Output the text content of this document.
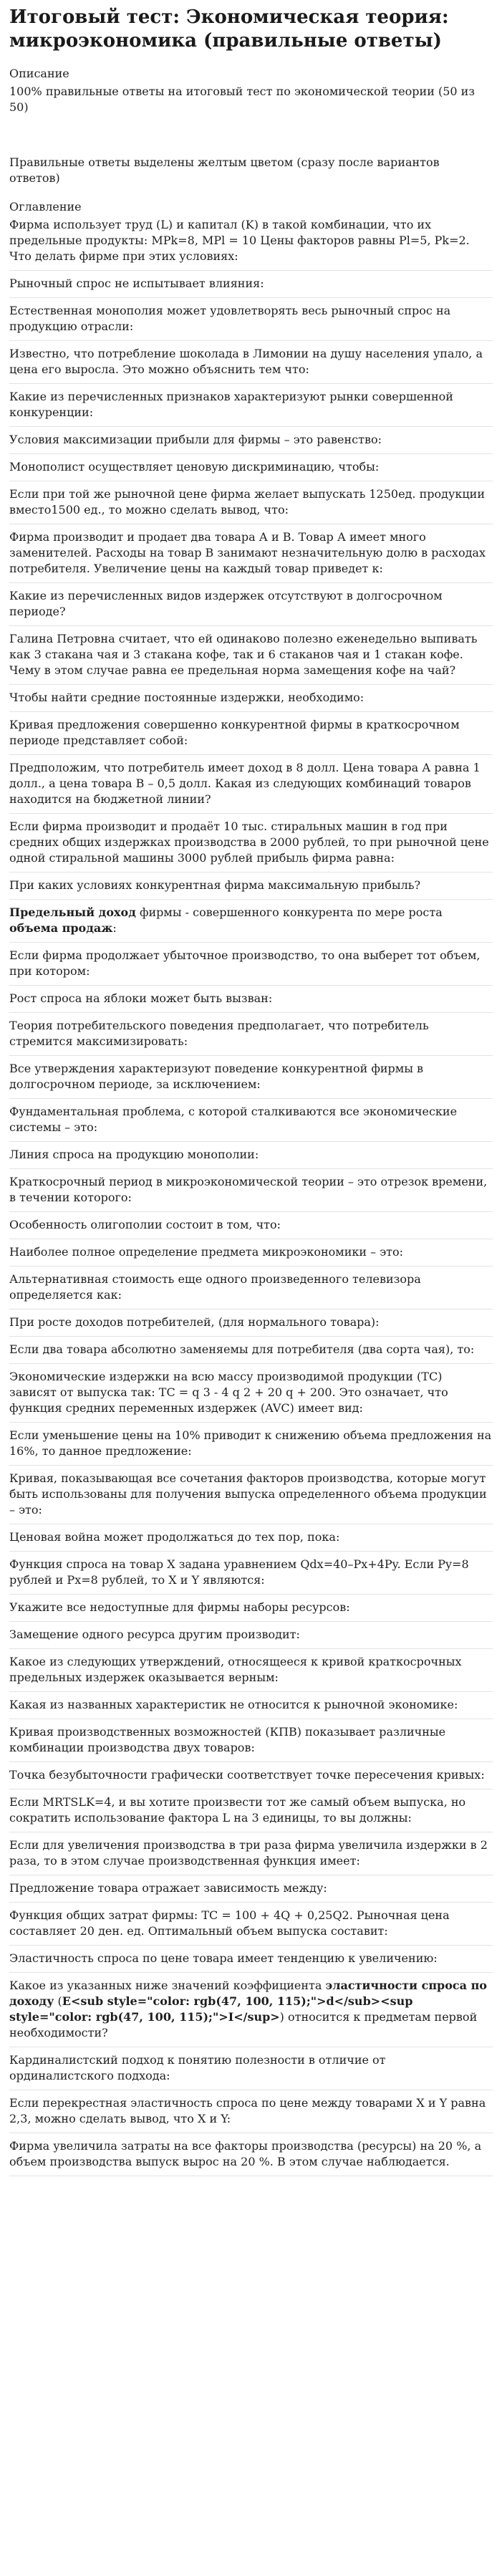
Итоговый тест: Экономическая теория: микроэкономика (правильные ответы)
Описание

100% правильные ответы на итоговый тест по экономической теории (50 из 50)

Правильные ответы выделены желтым цветом (сразу после вариантов ответов)

Оглавление

Фирма использует труд (L) и капитал (K) в такой комбинации, что их предельные продукты: MPk=8, MPl = 10 Цены факторов равны Pl=5, Pk=2. Что делать фирме при этих условиях:

Рыночный спрос не испытывает влияния:

Естественная монополия может удовлетворять весь рыночный спрос на продукцию отрасли:

Известно, что потребление шоколада в Лимонии на душу населения упало, а цена его выросла. Это можно объяснить тем что:

Какие из перечисленных признаков характеризуют рынки совершенной конкуренции:

Условия максимизации прибыли для фирмы – это равенство:

Монополист осуществляет ценовую дискриминацию, чтобы:

Если при той же рыночной цене фирма желает выпускать 1250ед. продукции вместо1500 ед., то можно сделать вывод, что:

Фирма производит и продает два товара А и В. Товар А имеет много заменителей. Расходы на товар В занимают незначительную долю в расходах потребителя. Увеличение цены на каждый товар приведет к:

Какие из перечисленных видов издержек отсутствуют в долгосрочном периоде?

Галина Петровна считает, что ей одинаково полезно еженедельно выпивать как 3 стакана чая и 3 стакана кофе, так и 6 стаканов чая и 1 стакан кофе. Чему в этом случае равна ее предельная норма замещения кофе на чай?

Чтобы найти средние постоянные издержки, необходимо:

Кривая предложения совершенно конкурентной фирмы в краткосрочном периоде представляет собой:

Предположим, что потребитель имеет доход в 8 долл. Цена товара А равна 1 долл., а цена товара В – 0,5 долл. Какая из следующих комбинаций товаров находится на бюджетной линии?

Если фирма производит и продаёт 10 тыс. стиральных машин в год при средних общих издержках производства в 2000 рублей, то при рыночной цене одной стиральной машины 3000 рублей прибыль фирма равна:

При каких условиях конкурентная фирма максимальную прибыль?

Предельный доход фирмы - совершенного конкурента по мере роста объема продаж:

Если фирма продолжает убыточное производство, то она выберет тот объем, при котором:

Рост спроса на яблоки может быть вызван:

Теория потребительского поведения предполагает, что потребитель стремится максимизировать:

Все утверждения характеризуют поведение конкурентной фирмы в долгосрочном периоде, за исключением:

Фундаментальная проблема, с которой сталкиваются все экономические системы – это:

Линия спроса на продукцию монополии:

Краткосрочный период в микроэкономической теории – это отрезок времени, в течении которого:

Особенность олигополии состоит в том, что:

Наиболее полное определение предмета микроэкономики – это:

Альтернативная стоимость еще одного произведенного телевизора определяется как:

При росте доходов потребителей, (для нормального товара):

Если два товара абсолютно заменяемы для потребителя (два сорта чая), то:

Экономические издержки на всю массу производимой продукции (ТС) зависят от выпуска так: ТС = q 3 - 4 q 2 + 20 q + 200. Это означает, что функция средних переменных издержек (AVC) имеет вид:

Если уменьшение цены на 10% приводит к снижению объема предложения на 16%, то данное предложение:

Кривая, показывающая все сочетания факторов производства, которые могут быть использованы для получения выпуска определенного объема продукции – это:

Ценовая война может продолжаться до тех пор, пока:

Функция спроса на товар X задана уравнением Qdx=40–Px+4Py. Если Py=8 рублей и Px=8 рублей, то X и Y являются:

Укажите все недоступные для фирмы наборы ресурсов:

Замещение одного ресурса другим производит:

Какое из следующих утверждений, относящееся к кривой краткосрочных предельных издержек оказывается верным:

Какая из названных характеристик не относится к рыночной экономике:

Кривая производственных возможностей (КПВ) показывает различные комбинации производства двух товаров:

Точка безубыточности графически соответствует точке пересечения кривых:

Если MRTSLK=4, и вы хотите произвести тот же самый объем выпуска, но сократить использование фактора L на 3 единицы, то вы должны:

Если для увеличения производства в три раза фирма увеличила издержки в 2 раза, то в этом случае производственная функция имеет:

Предложение товара отражает зависимость между:

Функция общих затрат фирмы: TC = 100 + 4Q + 0,25Q2. Рыночная цена составляет 20 ден. ед. Оптимальный объем выпуска составит:

Эластичность спроса по цене товара имеет тенденцию к увеличению:

Какое из указанных ниже значений коэффициента эластичности спроса по доходу (E<sub style="color: rgb(47, 100, 115);">d</sub><sup style="color: rgb(47, 100, 115);">I</sup>) относится к предметам первой необходимости?

Кардиналистский подход к понятию полезности в отличие от ординалистского подхода:

Если перекрестная эластичность спроса по цене между товарами X и Y равна 2,3, можно сделать вывод, что X и Y:

Фирма увеличила затраты на все факторы производства (ресурсы) на 20 %, а объем производства выпуск вырос на 20 %. В этом случае наблюдается.
